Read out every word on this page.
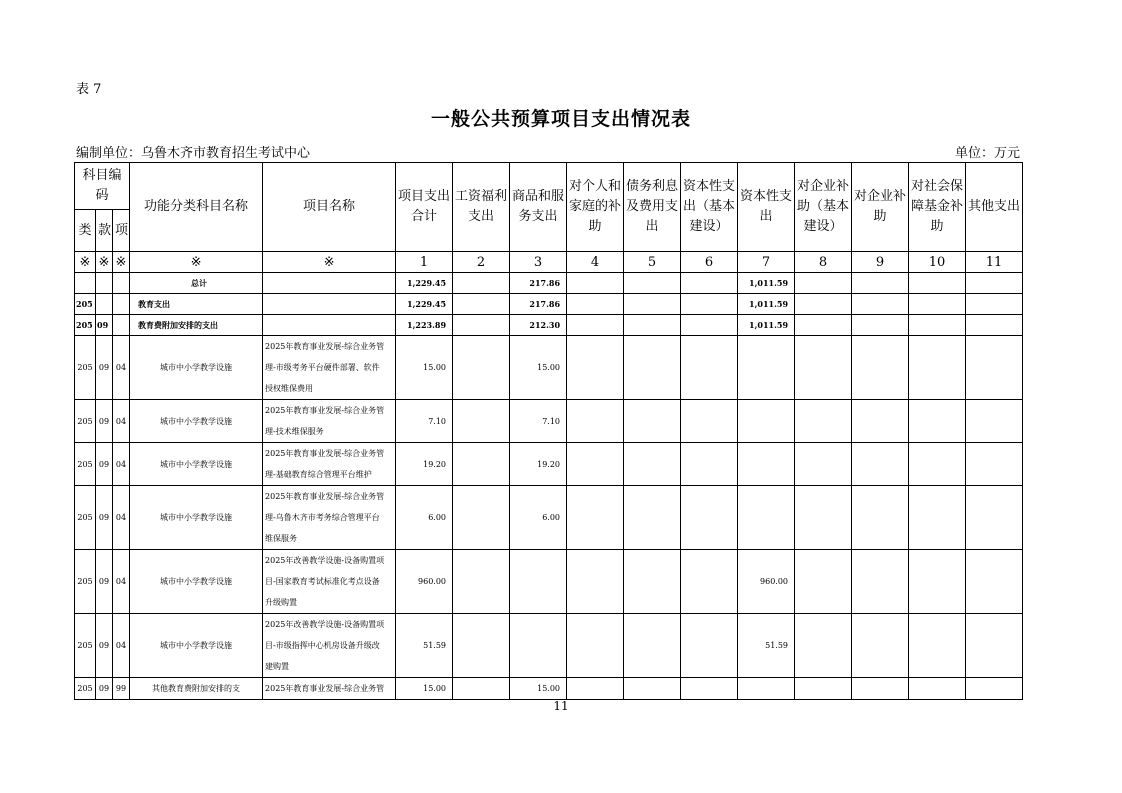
表 7
一般公共预算项目支出情况表
编制单位：乌鲁木齐市教育招生考试中心	单位：万元
科目编码			功能分类科目名称	项目名称	项目支出合计	工资福利支出	商品和服务支出	对个人和家庭的补助	债务利息及费用支出	资本性支出（基本建设）	资本性支出	对企业补助（基本建设）	对企业补助	对社会保障基金补助	其他支出
类	款	项													
※	※	※	※	※	1	2	3	4	5	6	7	8	9	10	11
			总计		1,229.45		217.86				1,011.59				
205			教育支出		1,229.45		217.86				1,011.59				
205	09		教育费附加安排的支出		1,223.89		212.30				1,011.59				
205	09	04	城市中小学教学设施	2025年教育事业发展-综合业务管
理-市级考务平台硬件部署、软件
授权维保费用	15.00		15.00								
205	09	04	城市中小学教学设施	2025年教育事业发展-综合业务管
理-技术维保服务	7.10		7.10								
205	09	04	城市中小学教学设施	2025年教育事业发展-综合业务管
理-基础教育综合管理平台维护	19.20		19.20								
205	09	04	城市中小学教学设施	2025年教育事业发展-综合业务管
理-乌鲁木齐市考务综合管理平台
维保服务	6.00		6.00								
205	09	04	城市中小学教学设施	2025年改善教学设施-设备购置项
目-国家教育考试标准化考点设备
升级购置	960.00						960.00				
205	09	04	城市中小学教学设施	2025年改善教学设施-设备购置项
目-市级指挥中心机房设备升级改
建购置	51.59						51.59				
205	09	99	其他教育费附加安排的支	2025年教育事业发展-综合业务管	15.00		15.00								
11
